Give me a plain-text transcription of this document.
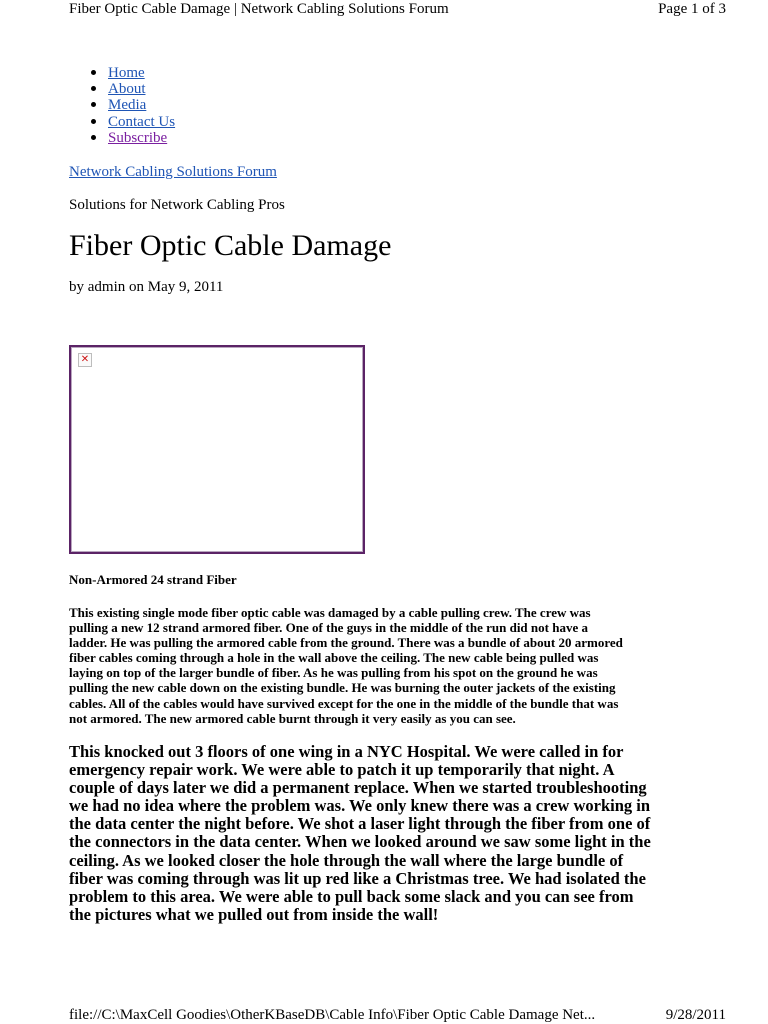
Fiber Optic Cable Damage | Network Cabling Solutions Forum	Page 1 of 3
Home
About
Media
Contact Us
Subscribe
Network Cabling Solutions Forum
Solutions for Network Cabling Pros
Fiber Optic Cable Damage
by admin on May 9, 2011
✕
Non-Armored 24 strand Fiber
This existing single mode fiber optic cable was damaged by a cable pulling crew. The crew was
pulling a new 12 strand armored fiber. One of the guys in the middle of the run did not have a
ladder. He was pulling the armored cable from the ground. There was a bundle of about 20 armored
fiber cables coming through a hole in the wall above the ceiling. The new cable being pulled was
laying on top of the larger bundle of fiber. As he was pulling from his spot on the ground he was
pulling the new cable down on the existing bundle. He was burning the outer jackets of the existing
cables. All of the cables would have survived except for the one in the middle of the bundle that was
not armored. The new armored cable burnt through it very easily as you can see.
This knocked out 3 floors of one wing in a NYC Hospital. We were called in for
emergency repair work. We were able to patch it up temporarily that night. A
couple of days later we did a permanent replace. When we started troubleshooting
we had no idea where the problem was. We only knew there was a crew working in
the data center the night before. We shot a laser light through the fiber from one of
the connectors in the data center. When we looked around we saw some light in the
ceiling. As we looked closer the hole through the wall where the large bundle of
fiber was coming through was lit up red like a Christmas tree. We had isolated the
problem to this area. We were able to pull back some slack and you can see from
the pictures what we pulled out from inside the wall!
file://C:\MaxCell Goodies\OtherKBaseDB\Cable Info\Fiber Optic Cable Damage Net...	9/28/2011
